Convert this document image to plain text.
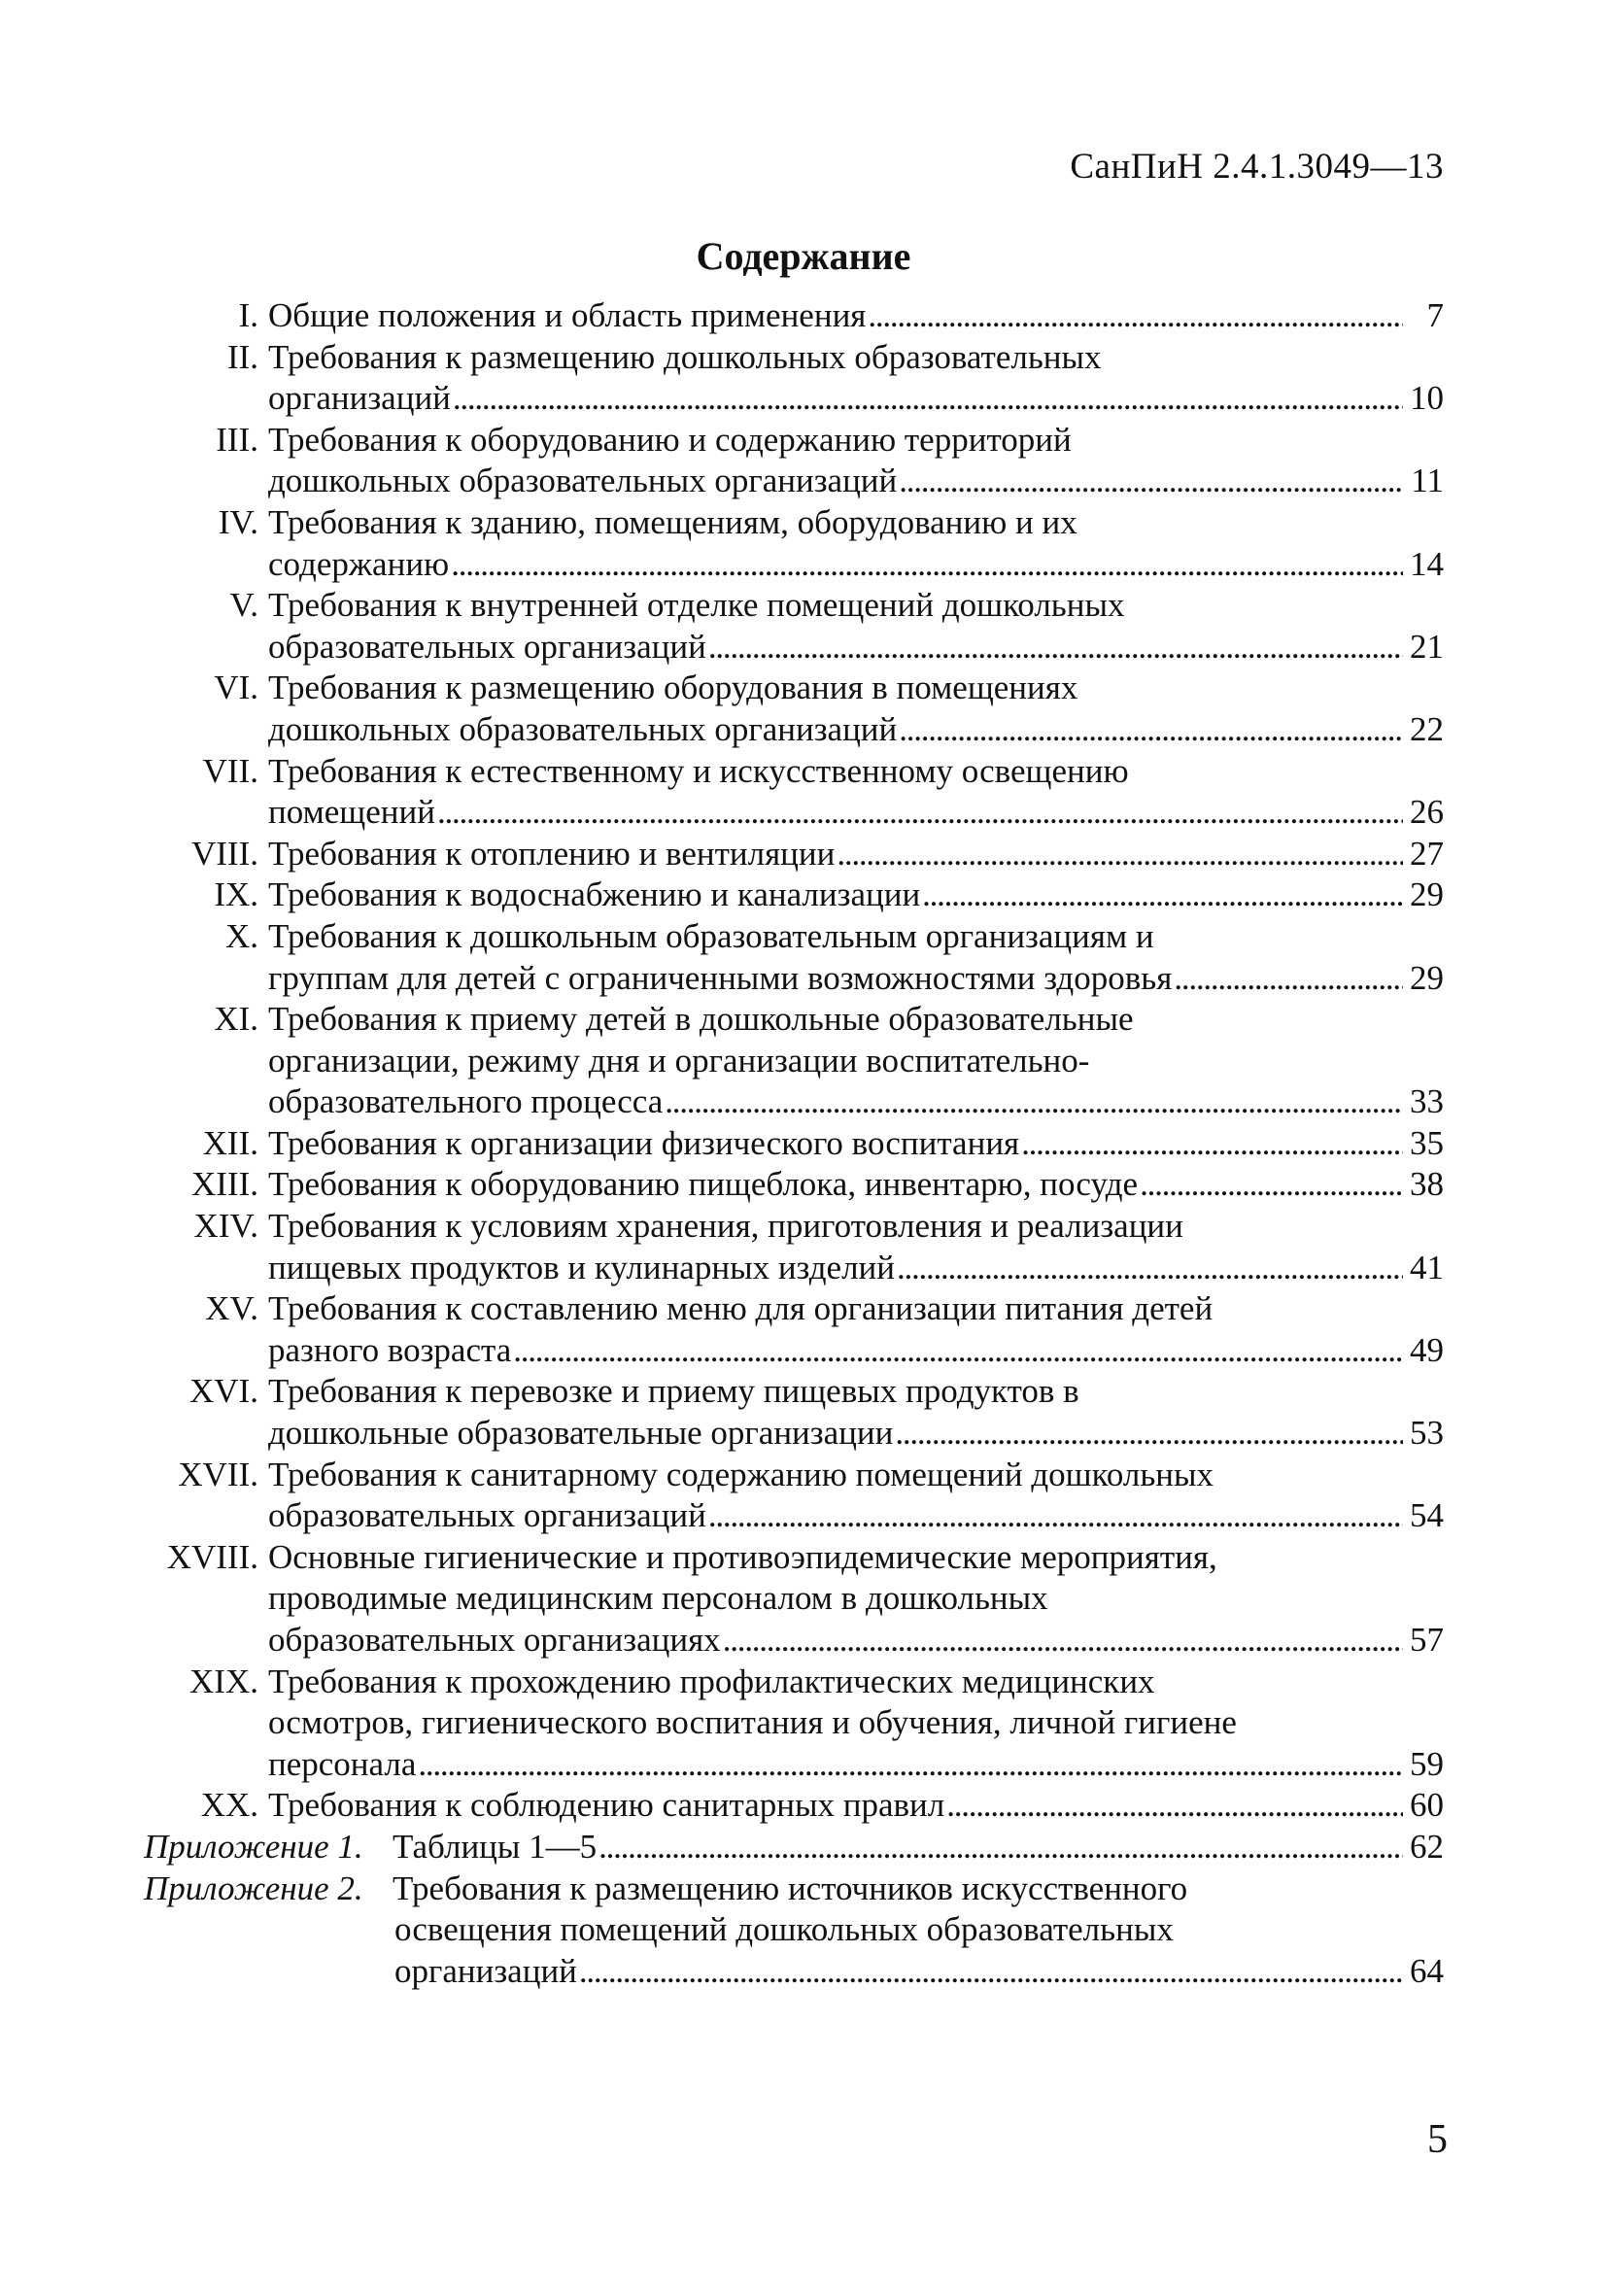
СанПиН 2.4.1.3049—13
Содержание
I. Общие положения и область применения . . .	7
II. Требования к размещению дошкольных образовательных
организаций . . .	10
III. Требования к оборудованию и содержанию территорий
дошкольных образовательных организаций . . .	11
IV. Требования к зданию, помещениям, оборудованию и их
содержанию . . .	14
V. Требования к внутренней отделке помещений дошкольных
образовательных организаций . . .	21
VI. Требования к размещению оборудования в помещениях
дошкольных образовательных организаций . . .	22
VII. Требования к естественному и искусственному освещению
помещений . . .	26
VIII. Требования к отоплению и вентиляции . . .	27
IX. Требования к водоснабжению и канализации . . .	29
X. Требования к дошкольным образовательным организациям и
группам для детей с ограниченными возможностями здоровья . . .	29
XI. Требования к приему детей в дошкольные образовательные
организации, режиму дня и организации воспитательно-
образовательного процесса . . .	33
XII. Требования к организации физического воспитания . . .	35
XIII. Требования к оборудованию пищеблока, инвентарю, посуде . . .	38
XIV. Требования к условиям хранения, приготовления и реализации
пищевых продуктов и кулинарных изделий . . .	41
XV. Требования к составлению меню для организации питания детей
разного возраста . . .	49
XVI. Требования к перевозке и приему пищевых продуктов в
дошкольные образовательные организации . . .	53
XVII. Требования к санитарному содержанию помещений дошкольных
образовательных организаций . . .	54
XVIII. Основные гигиенические и противоэпидемические мероприятия,
проводимые медицинским персоналом в дошкольных
образовательных организациях . . .	57
XIX. Требования к прохождению профилактических медицинских
осмотров, гигиенического воспитания и обучения, личной гигиене
персонала . . .	59
XX. Требования к соблюдению санитарных правил . . .	60
Приложение 1. Таблицы 1—5 . . .	62
Приложение 2. Требования к размещению источников искусственного
освещения помещений дошкольных образовательных
организаций . . .	64
5
